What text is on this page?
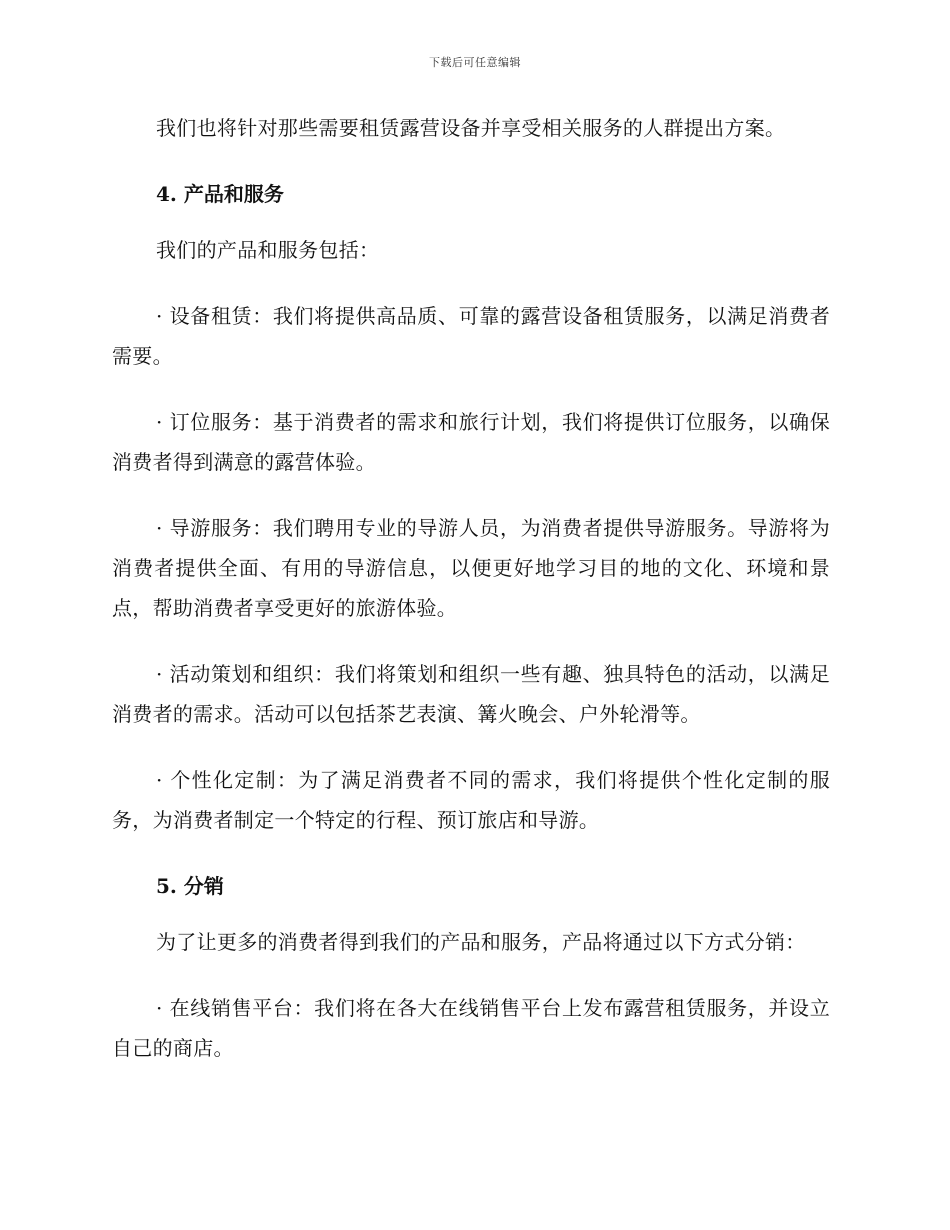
下载后可任意编辑

我们也将针对那些需要租赁露营设备并享受相关服务的人群提出方案。

4. 产品和服务

我们的产品和服务包括：

· 设备租赁：我们将提供高品质、可靠的露营设备租赁服务，以满足消费者需要。

· 订位服务：基于消费者的需求和旅行计划，我们将提供订位服务，以确保消费者得到满意的露营体验。

· 导游服务：我们聘用专业的导游人员，为消费者提供导游服务。导游将为消费者提供全面、有用的导游信息，以便更好地学习目的地的文化、环境和景点，帮助消费者享受更好的旅游体验。

· 活动策划和组织：我们将策划和组织一些有趣、独具特色的活动，以满足消费者的需求。活动可以包括茶艺表演、篝火晚会、户外轮滑等。

· 个性化定制：为了满足消费者不同的需求，我们将提供个性化定制的服务，为消费者制定一个特定的行程、预订旅店和导游。

5. 分销

为了让更多的消费者得到我们的产品和服务，产品将通过以下方式分销：

· 在线销售平台：我们将在各大在线销售平台上发布露营租赁服务，并设立自己的商店。
